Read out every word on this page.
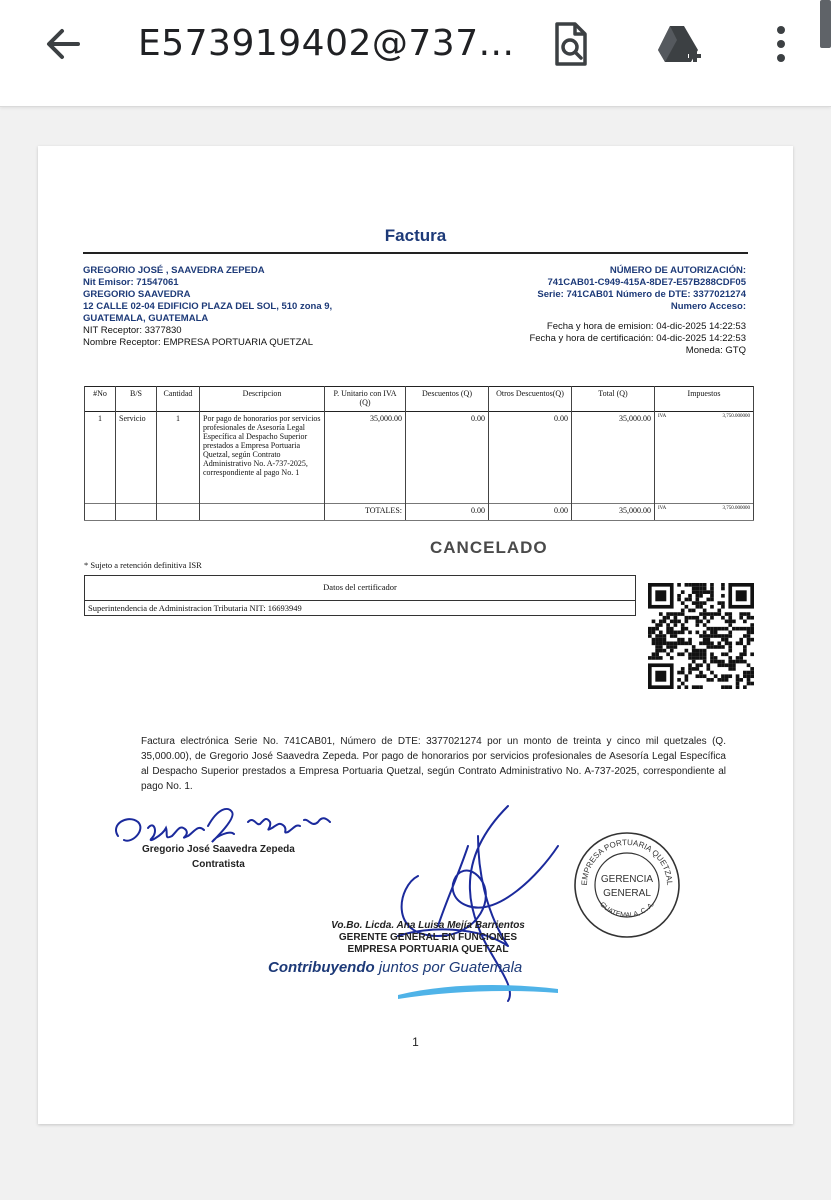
E573919402@737...
Factura
GREGORIO JOSÉ , SAAVEDRA ZEPEDA
Nit Emisor: 71547061
GREGORIO SAAVEDRA
12 CALLE 02-04 EDIFICIO PLAZA DEL SOL, 510 zona 9,
GUATEMALA, GUATEMALA
NIT Receptor: 3377830
Nombre Receptor: EMPRESA PORTUARIA QUETZAL
NÚMERO DE AUTORIZACIÓN:
741CAB01-C949-415A-8DE7-E57B288CDF05
Serie: 741CAB01 Número de DTE: 3377021274
Numero Acceso:
Fecha y hora de emision: 04-dic-2025 14:22:53
Fecha y hora de certificación: 04-dic-2025 14:22:53
Moneda: GTQ
#No	B/S	Cantidad	Descripcion	P. Unitario con IVA (Q)	Descuentos (Q)	Otros Descuentos(Q)	Total (Q)	Impuestos
1	Servicio	1	Por pago de honorarios por servicios profesionales de Asesoría Legal Específica al Despacho Superior prestados a Empresa Portuaria Quetzal, según Contrato Administrativo No. A-737-2025, correspondiente al pago No. 1	35,000.00	0.00	0.00	35,000.00	IVA 3,750.000000

				TOTALES:	0.00	0.00	35,000.00	IVA 3,750.000000
CANCELADO
* Sujeto a retención definitiva ISR
Datos del certificador
Superintendencia de Administracion Tributaria NIT: 16693949
Factura electrónica Serie No. 741CAB01, Número de DTE: 3377021274 por un monto de treinta y cinco mil quetzales (Q. 35,000.00), de Gregorio José Saavedra Zepeda. Por pago de honorarios por servicios profesionales de Asesoría Legal Específica al Despacho Superior prestados a Empresa Portuaria Quetzal, según Contrato Administrativo No. A-737-2025, correspondiente al pago No. 1.
Gregorio José Saavedra Zepeda
Contratista
EMPRESA PORTUARIA QUETZAL
GUATEMALA, C. A.
GERENCIA
GENERAL
Vo.Bo. Licda. Ana Luisa Mejía Barrientos
GERENTE GENERAL EN FUNCIONES
EMPRESA PORTUARIA QUETZAL
Contribuyendo juntos por Guatemala
1
